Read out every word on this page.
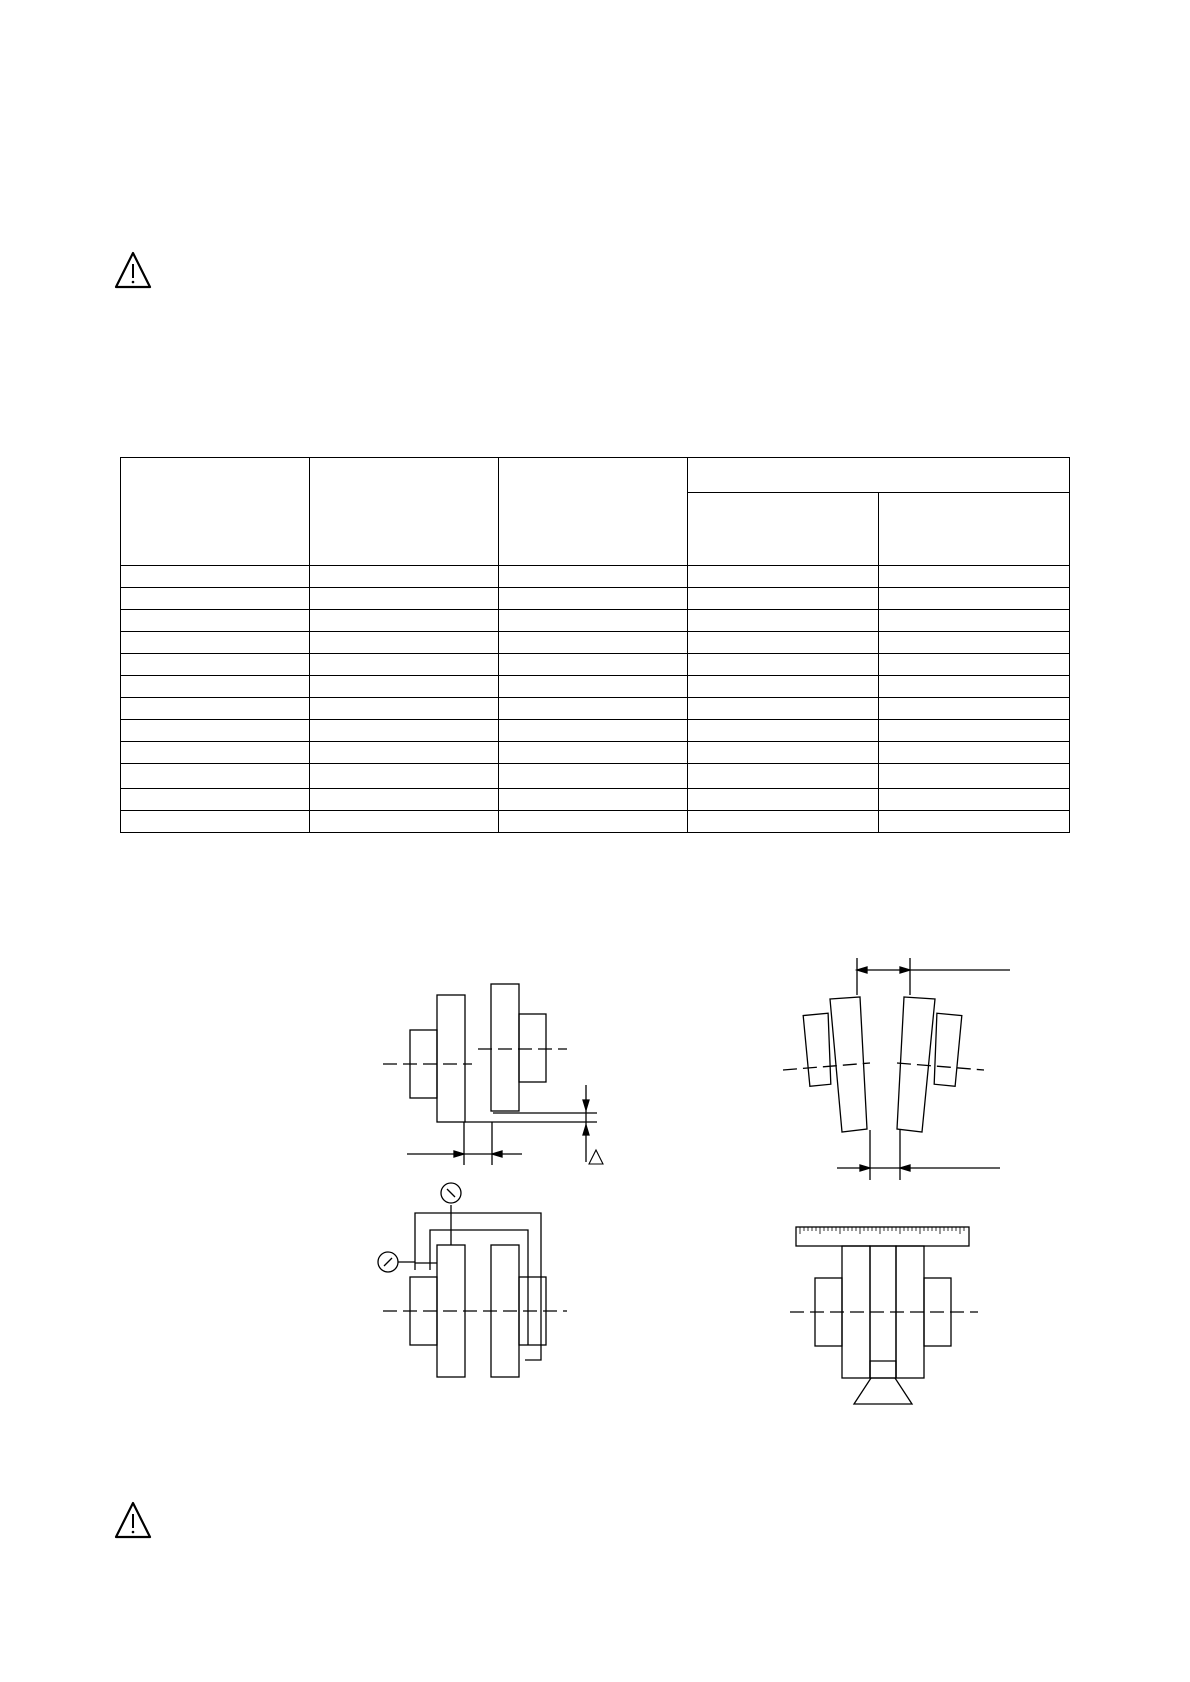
Δ
